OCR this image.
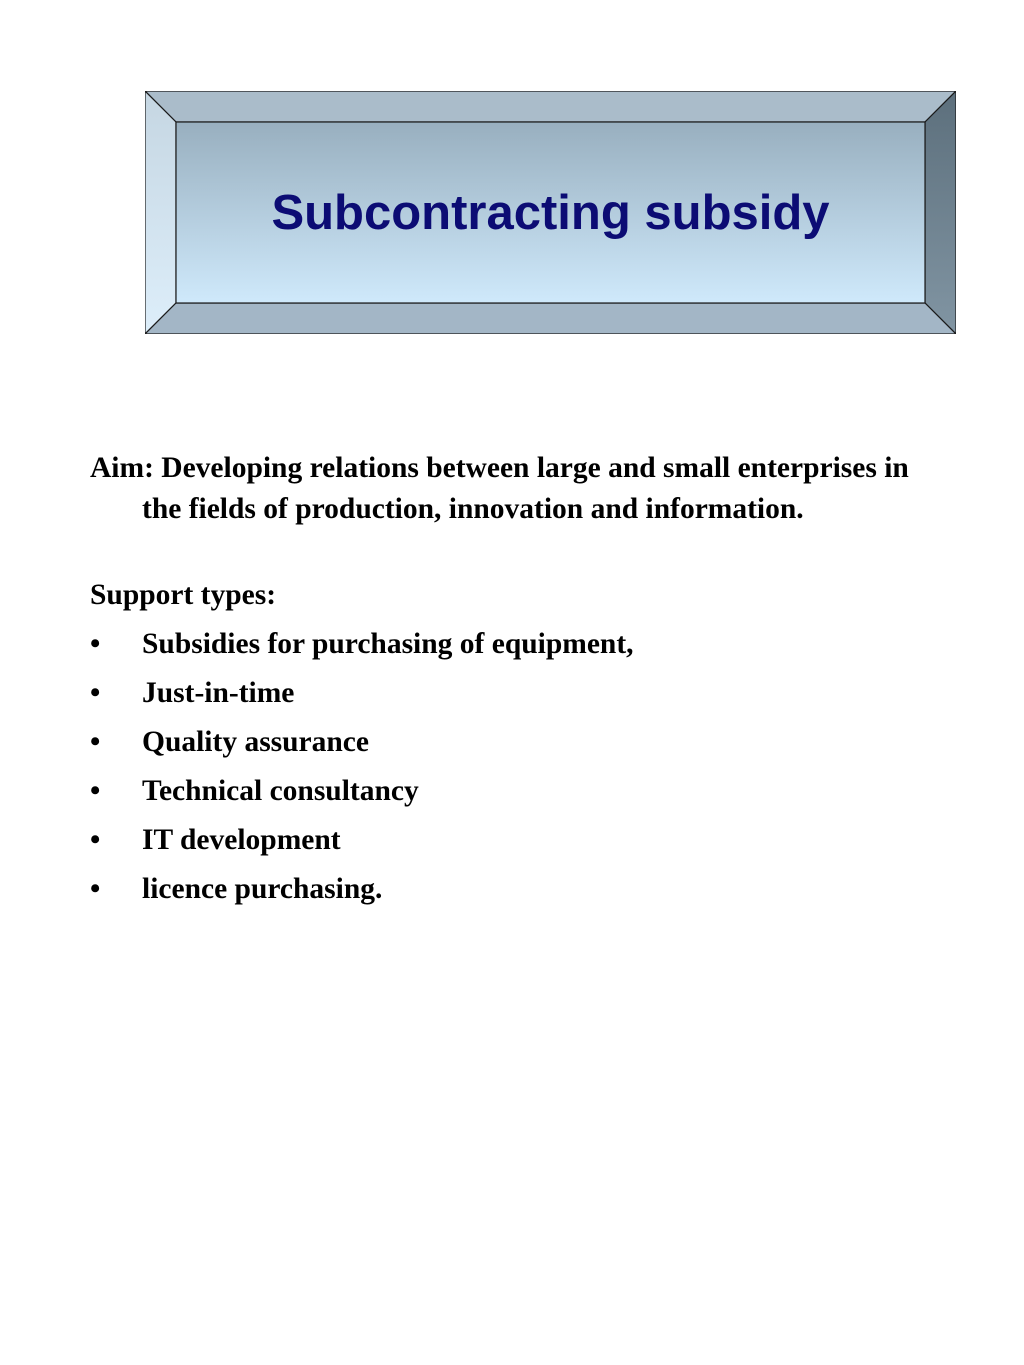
Subcontracting subsidy

Aim: Developing relations between large and small enterprises in the fields of production, innovation and information.

Support types:

•	Subsidies for purchasing of equipment,
•	Just-in-time
•	Quality assurance
•	Technical consultancy
•	IT development
•	licence purchasing.
